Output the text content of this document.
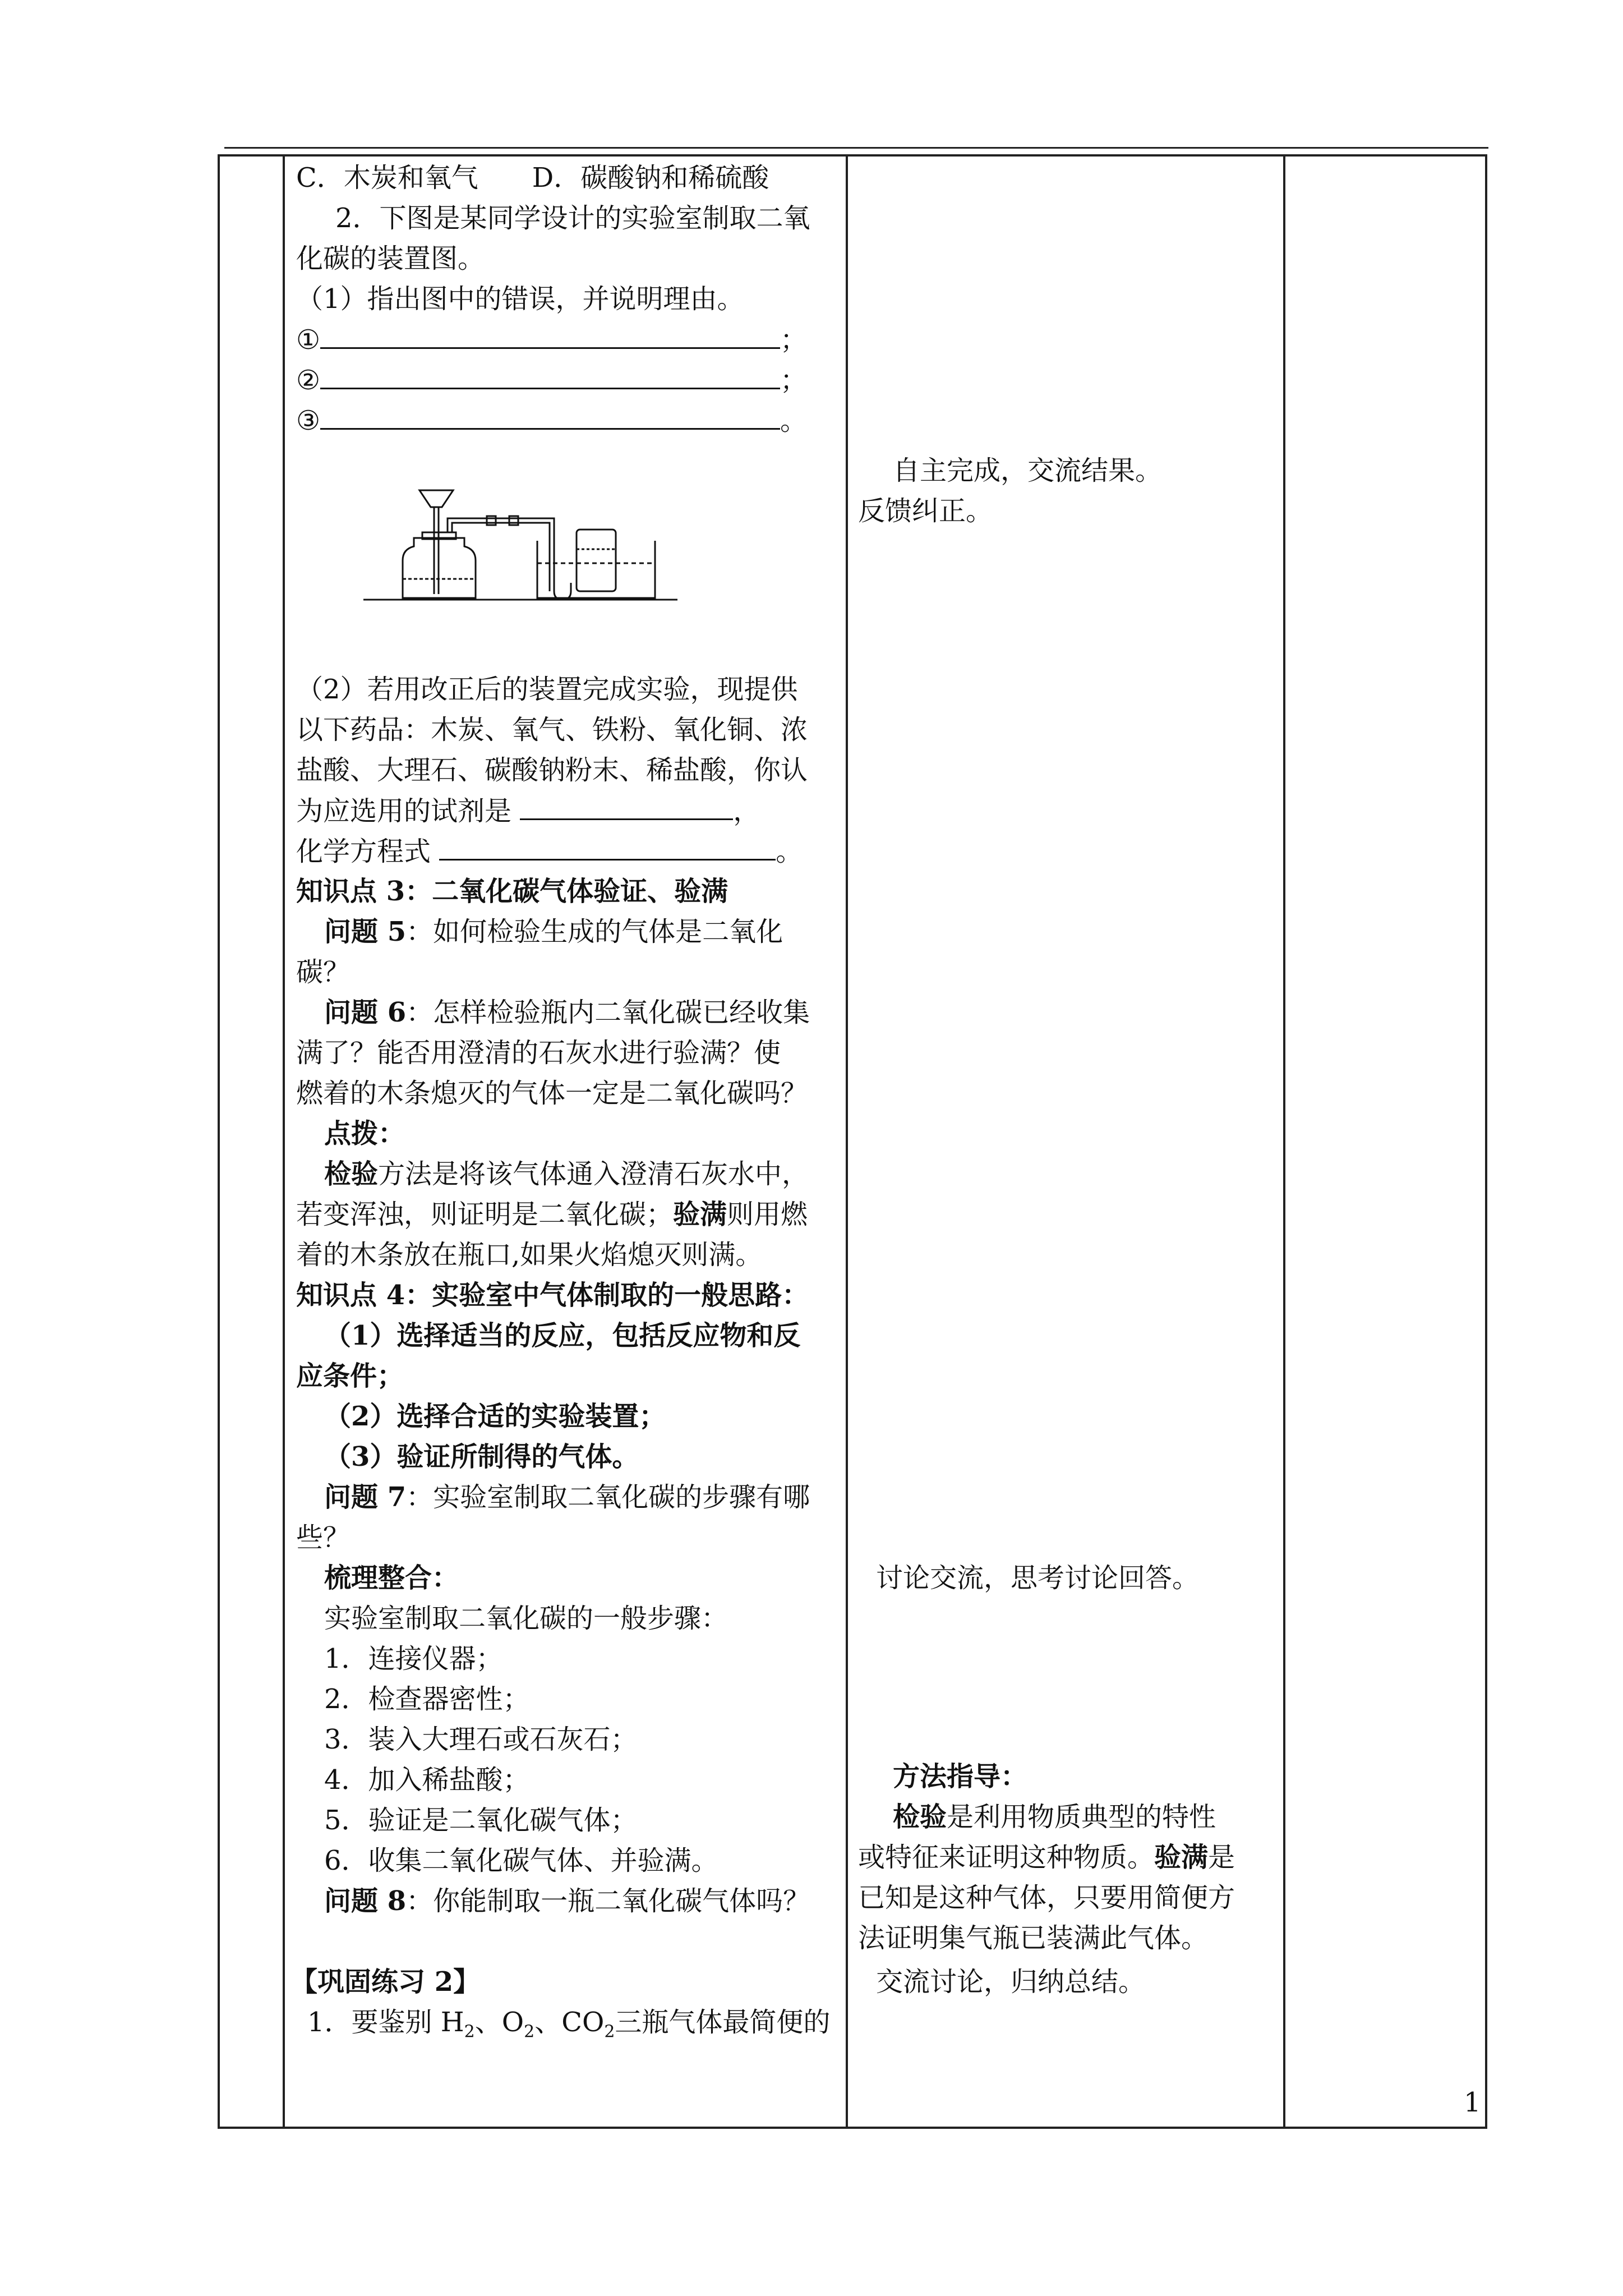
C．木炭和氧气　　D．碳酸钠和稀硫酸
2．下图是某同学设计的实验室制取二氧
化碳的装置图。
（1）指出图中的错误，并说明理由。
①	；
②	；
③	。
（2）若用改正后的装置完成实验，现提供
以下药品：木炭、氧气、铁粉、氧化铜、浓
盐酸、大理石、碳酸钠粉末、稀盐酸，你认
为应选用的试剂是	，
化学方程式	。
知识点 3：二氧化碳气体验证、验满
问题 5：如何检验生成的气体是二氧化
碳？
问题 6：怎样检验瓶内二氧化碳已经收集
满了？能否用澄清的石灰水进行验满？使
燃着的木条熄灭的气体一定是二氧化碳吗？
点拨：
检验方法是将该气体通入澄清石灰水中，
若变浑浊，则证明是二氧化碳；验满则用燃
着的木条放在瓶口,如果火焰熄灭则满。
知识点 4：实验室中气体制取的一般思路：
（1）选择适当的反应，包括反应物和反
应条件；
（2）选择合适的实验装置；
（3）验证所制得的气体。
问题 7：实验室制取二氧化碳的步骤有哪
些？
梳理整合：
实验室制取二氧化碳的一般步骤：
1．连接仪器；
2．检查器密性；
3．装入大理石或石灰石；
4．加入稀盐酸；
5．验证是二氧化碳气体；
6．收集二氧化碳气体、并验满。
问题 8：你能制取一瓶二氧化碳气体吗？
【巩固练习 2】
1．要鉴别 $H_2$、$O_2$、$CO_2$三瓶气体最简便的

自主完成，交流结果。
反馈纠正。
讨论交流，思考讨论回答。
方法指导：
检验是利用物质典型的特性
或特征来证明这种物质。验满是
已知是这种气体，只要用简便方
法证明集气瓶已装满此气体。
交流讨论，归纳总结。

1
